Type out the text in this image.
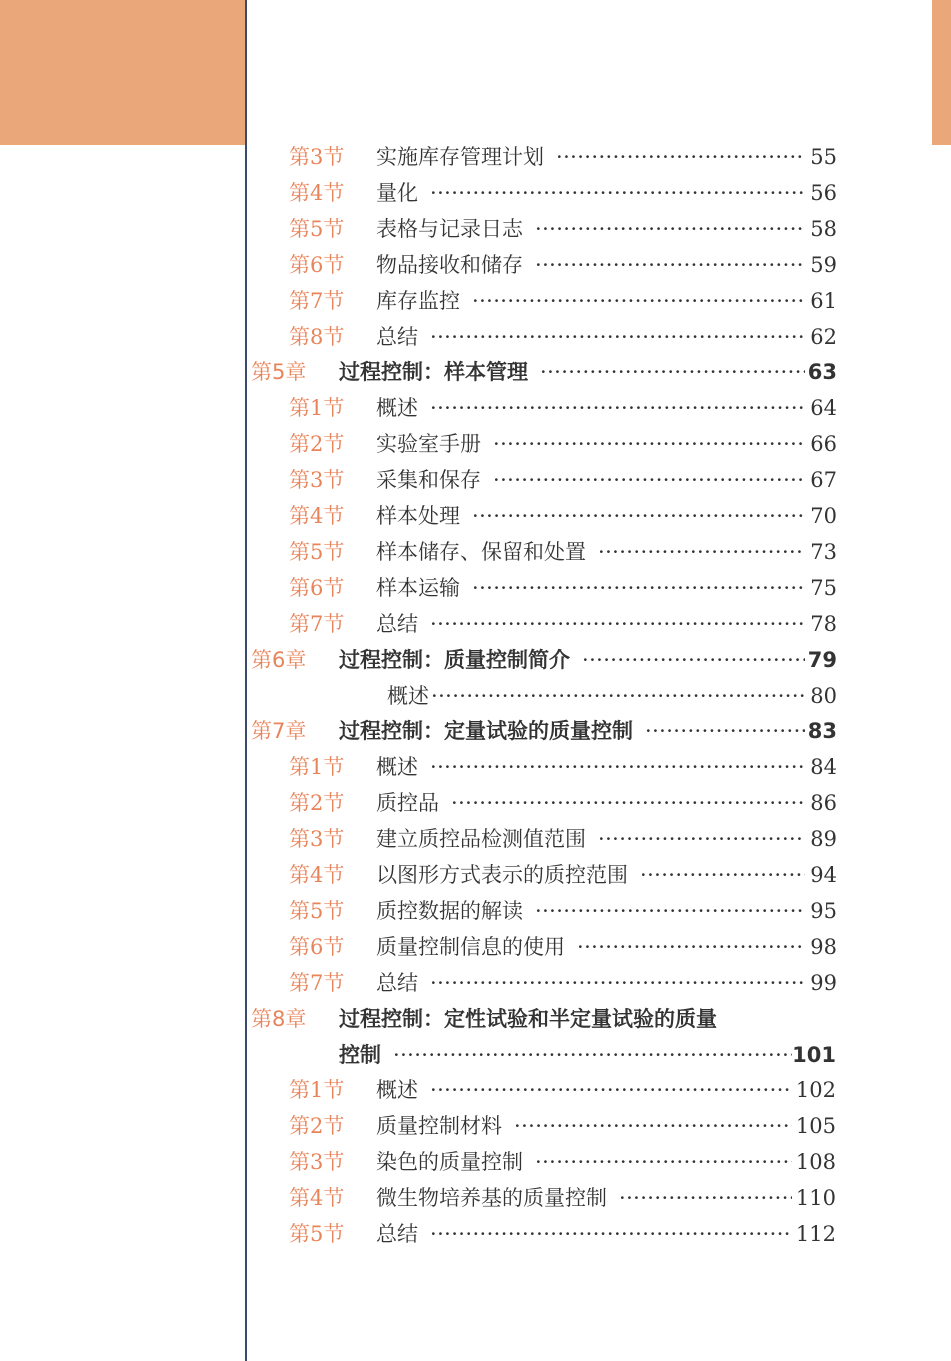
第3节 实施库存管理计划	55
·····
第4节 量化	56
·····
第5节 表格与记录日志	58
·····
第6节 物品接收和储存	59
·····
第7节 库存监控	61
·····
第8节 总结	62
·····
第5章 过程控制：样本管理	63
·····
第1节 概述	64
·····
第2节 实验室手册	66
·····
第3节 采集和保存	67
·····
第4节 样本处理	70
·····
第5节 样本储存、保留和处置	73
·····
第6节 样本运输	75
·····
第7节 总结	78
·····
第6章 过程控制：质量控制简介	79
·····
概述	80
·····
第7章 过程控制：定量试验的质量控制	83
·····
第1节 概述	84
·····
第2节 质控品	86
·····
第3节 建立质控品检测值范围	89
·····
第4节 以图形方式表示的质控范围	94
·····
第5节 质控数据的解读	95
·····
第6节 质量控制信息的使用	98
·····
第7节 总结	99
·····
第8章 过程控制：定性试验和半定量试验的质量
控制	101
·····
第1节 概述	102
·····
第2节 质量控制材料	105
·····
第3节 染色的质量控制	108
·····
第4节 微生物培养基的质量控制	110
·····
第5节 总结	112
·····
